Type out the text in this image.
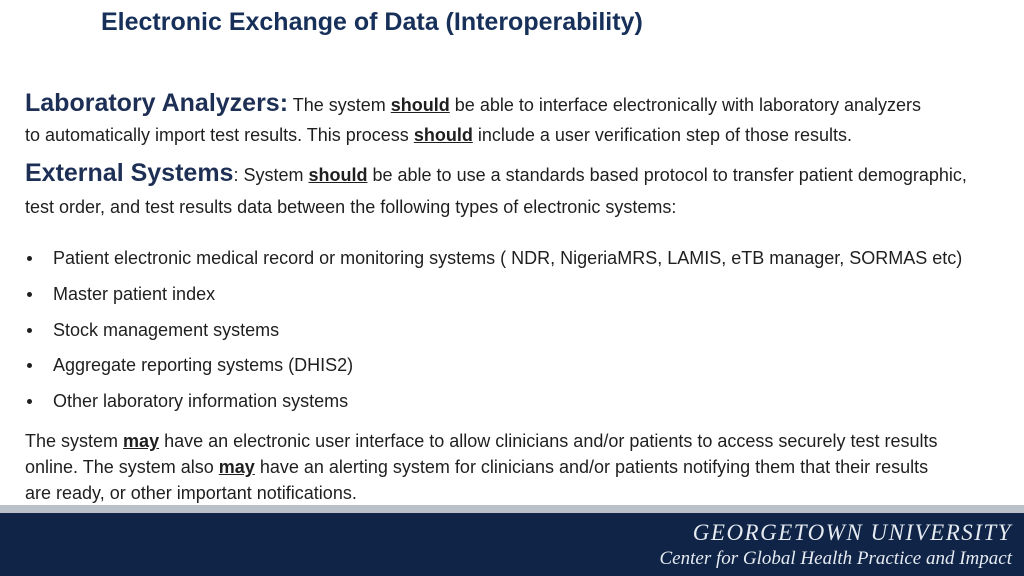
Electronic Exchange of Data (Interoperability)
Laboratory Analyzers: The system should be able to interface electronically with laboratory analyzers
to automatically import test results. This process should include a user verification step of those results.
External Systems: System should be able to use a standards based protocol to transfer patient demographic,
test order, and test results data between the following types of electronic systems:
Patient electronic medical record or monitoring systems ( NDR, NigeriaMRS, LAMIS, eTB manager, SORMAS etc)
Master patient index
Stock management systems
Aggregate reporting systems (DHIS2)
Other laboratory information systems
The system may have an electronic user interface to allow clinicians and/or patients to access securely test results
online. The system also may have an alerting system for clinicians and/or patients notifying them that their results
are ready, or other important notifications.
GEORGETOWN UNIVERSITY
Center for Global Health Practice and Impact
